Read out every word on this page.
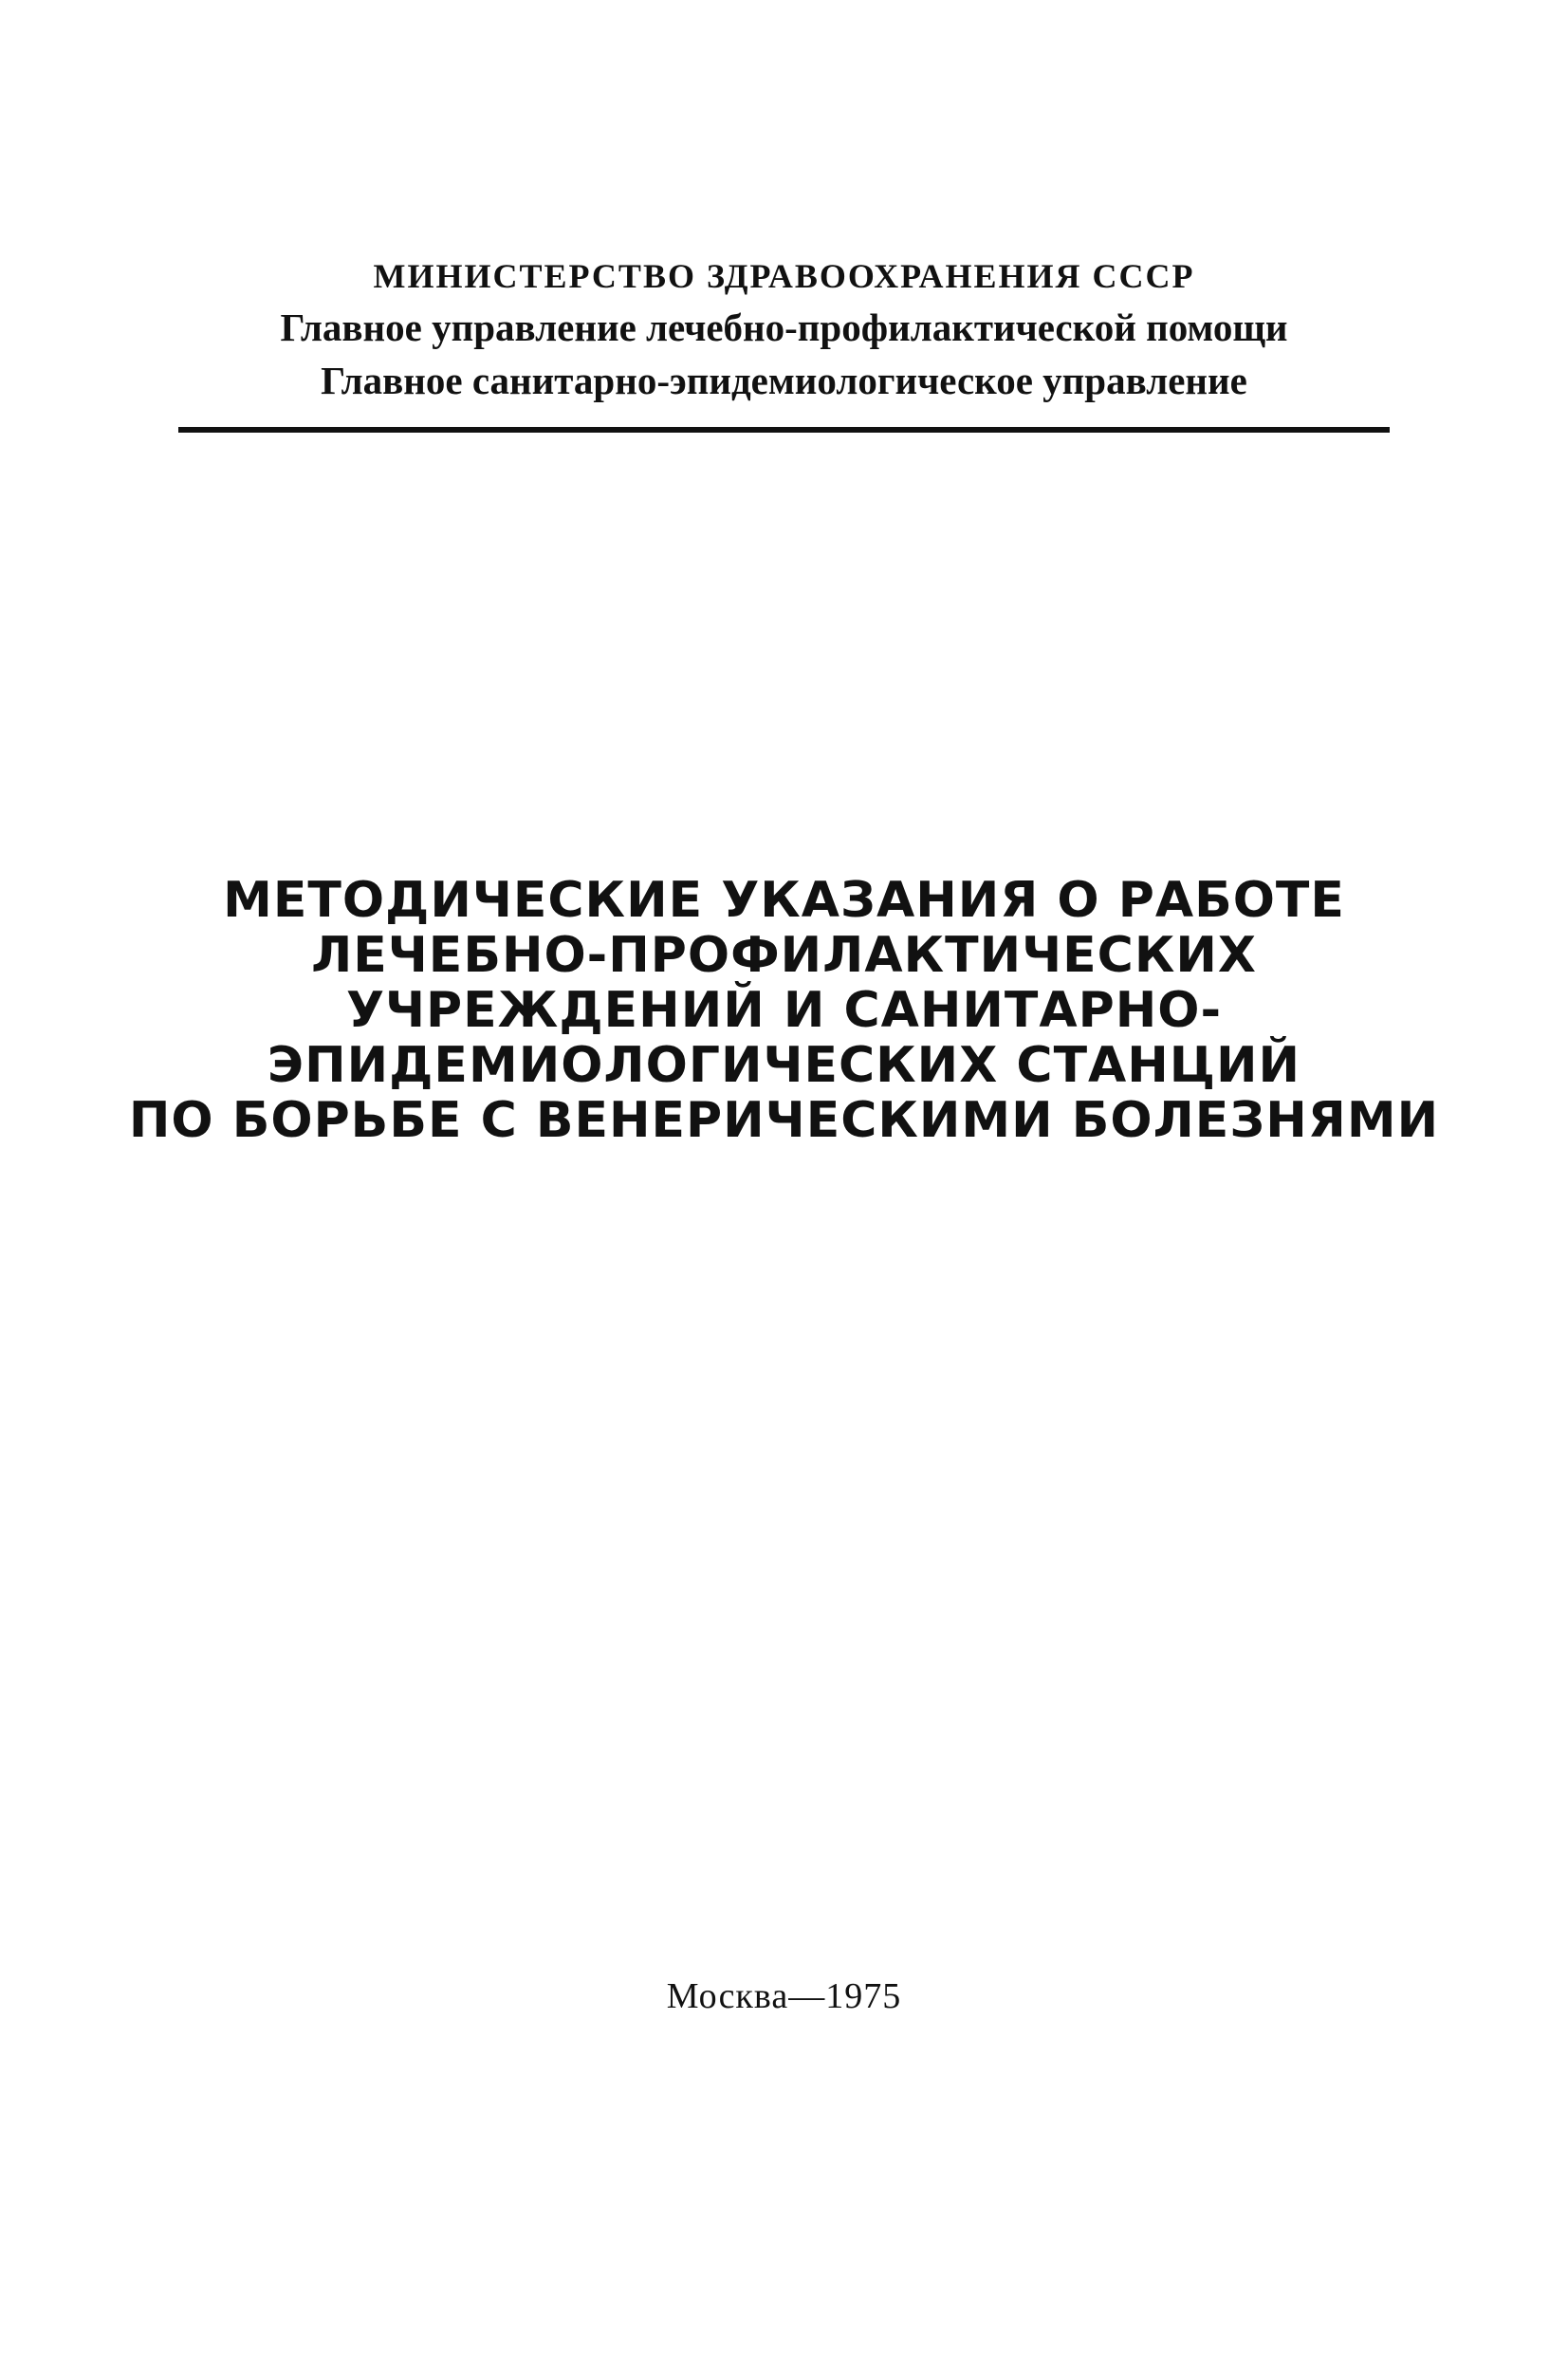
МИНИСТЕРСТВО ЗДРАВООХРАНЕНИЯ СССР
Главное управление лечебно-профилактической помощи
Главное санитарно-эпидемиологическое управление
МЕТОДИЧЕСКИЕ УКАЗАНИЯ О РАБОТЕ
ЛЕЧЕБНО-ПРОФИЛАКТИЧЕСКИХ
УЧРЕЖДЕНИЙ И САНИТАРНО-
ЭПИДЕМИОЛОГИЧЕСКИХ СТАНЦИЙ
ПО БОРЬБЕ С ВЕНЕРИЧЕСКИМИ БОЛЕЗНЯМИ
Москва—1975
